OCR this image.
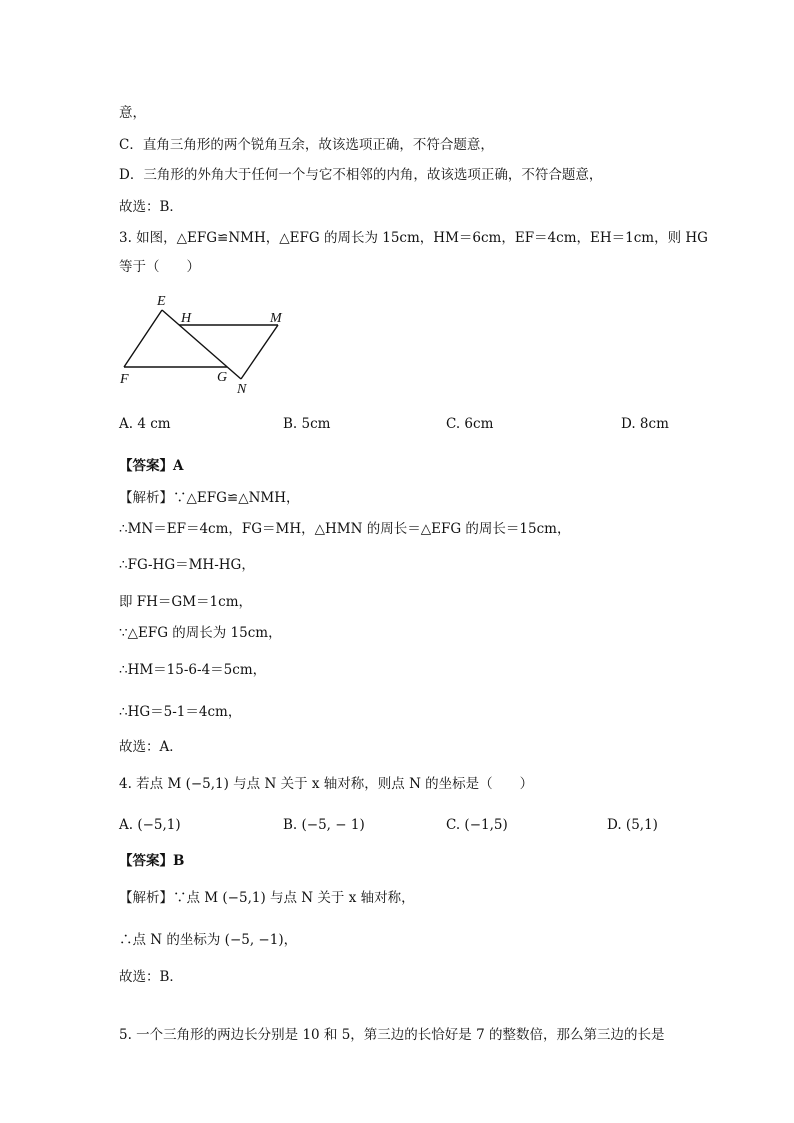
意，
C．直角三角形的两个锐角互余，故该选项正确，不符合题意，
D．三角形的外角大于任何一个与它不相邻的内角，故该选项正确，不符合题意，
故选：B．
3. 如图，△EFG≌NMH，△EFG 的周长为 15cm，HM＝6cm，EF＝4cm，EH＝1cm，则 HG
等于（　　）
E
H	M
F	G
N
A. 4 cm	B. 5cm	C. 6cm	D. 8cm
【答案】A
【解析】∵△EFG≌△NMH，
∴MN＝EF＝4cm，FG＝MH，△HMN 的周长＝△EFG 的周长＝15cm，
∴FG-HG＝MH-HG，
即 FH＝GM＝1cm，
∵△EFG 的周长为 15cm，
∴HM＝15-6-4＝5cm，
∴HG＝5-1＝4cm，
故选：A．
4. 若点 M (−5,1) 与点 N 关于 x 轴对称，则点 N 的坐标是（　　）
A. (−5,1)	B. (−5, − 1)	C. (−1,5)	D. (5,1)
【答案】B
【解析】∵点 M (−5,1) 与点 N 关于 x 轴对称，
∴点 N 的坐标为 (−5, −1)，
故选：B．
5. 一个三角形的两边长分别是 10 和 5，第三边的长恰好是 7 的整数倍，那么第三边的长是
